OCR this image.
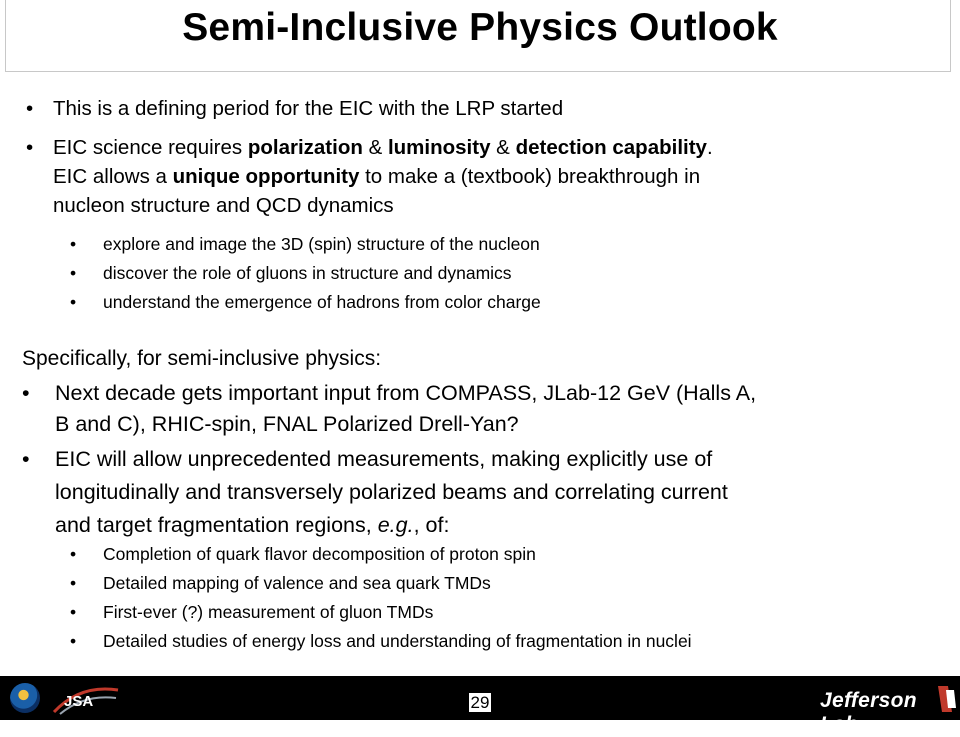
Semi-Inclusive Physics Outlook
• This is a defining period for the EIC with the LRP started
• EIC science requires polarization & luminosity & detection capability.
EIC allows a unique opportunity to make a (textbook) breakthrough in
nucleon structure and QCD dynamics
• explore and image the 3D (spin) structure of the nucleon
• discover the role of gluons in structure and dynamics
• understand the emergence of hadrons from color charge
Specifically, for semi-inclusive physics:
• Next decade gets important input from COMPASS, JLab-12 GeV (Halls A,
B and C), RHIC-spin, FNAL Polarized Drell-Yan?
• EIC will allow unprecedented measurements, making explicitly use of
longitudinally and transversely polarized beams and correlating current
and target fragmentation regions, e.g., of:
• Completion of quark flavor decomposition of proton spin
• Detailed mapping of valence and sea quark TMDs
• First-ever (?) measurement of gluon TMDs
• Detailed studies of energy loss and understanding of fragmentation in nuclei
JSA	29	Jefferson Lab
